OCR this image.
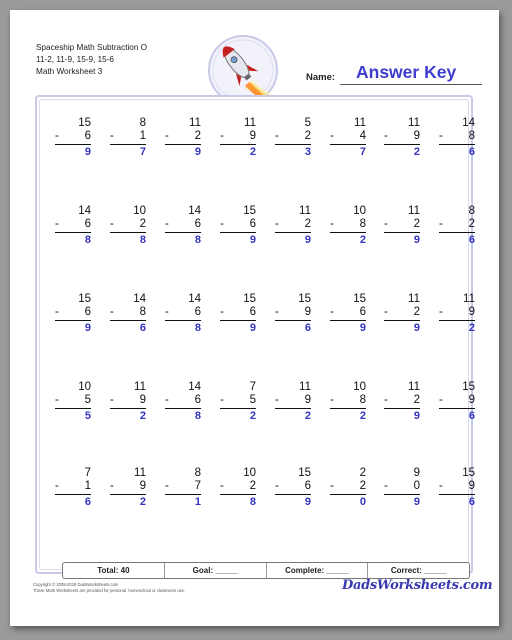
Spaceship Math Subtraction O
11-2, 11-9, 15-9, 15-6
Math Worksheet 3
Name: Answer Key
15
- 6
9
8
- 1
7
11
- 2
9
11
- 9
2
5
- 2
3
11
- 4
7
11
- 9
2
14
- 8
6
14
- 6
8
10
- 2
8
14
- 6
8
15
- 6
9
11
- 2
9
10
- 8
2
11
- 2
9
8
- 2
6
15
- 6
9
14
- 8
6
14
- 6
8
15
- 6
9
15
- 9
6
15
- 6
9
11
- 2
9
11
- 9
2
10
- 5
5
11
- 9
2
14
- 6
8
7
- 5
2
11
- 9
2
10
- 8
2
11
- 2
9
15
- 9
6
7
- 1
6
11
- 9
2
8
- 7
1
10
- 2
8
15
- 6
9
2
- 2
0
9
- 0
9
15
- 9
6
Total: 40	Goal: _____	Complete: _____	Correct: _____
Copyright © 2008-2018 DadsWorksheets.com
These Math Worksheets are provided for personal, homeschool or classroom use.	DadsWorksheets.com
